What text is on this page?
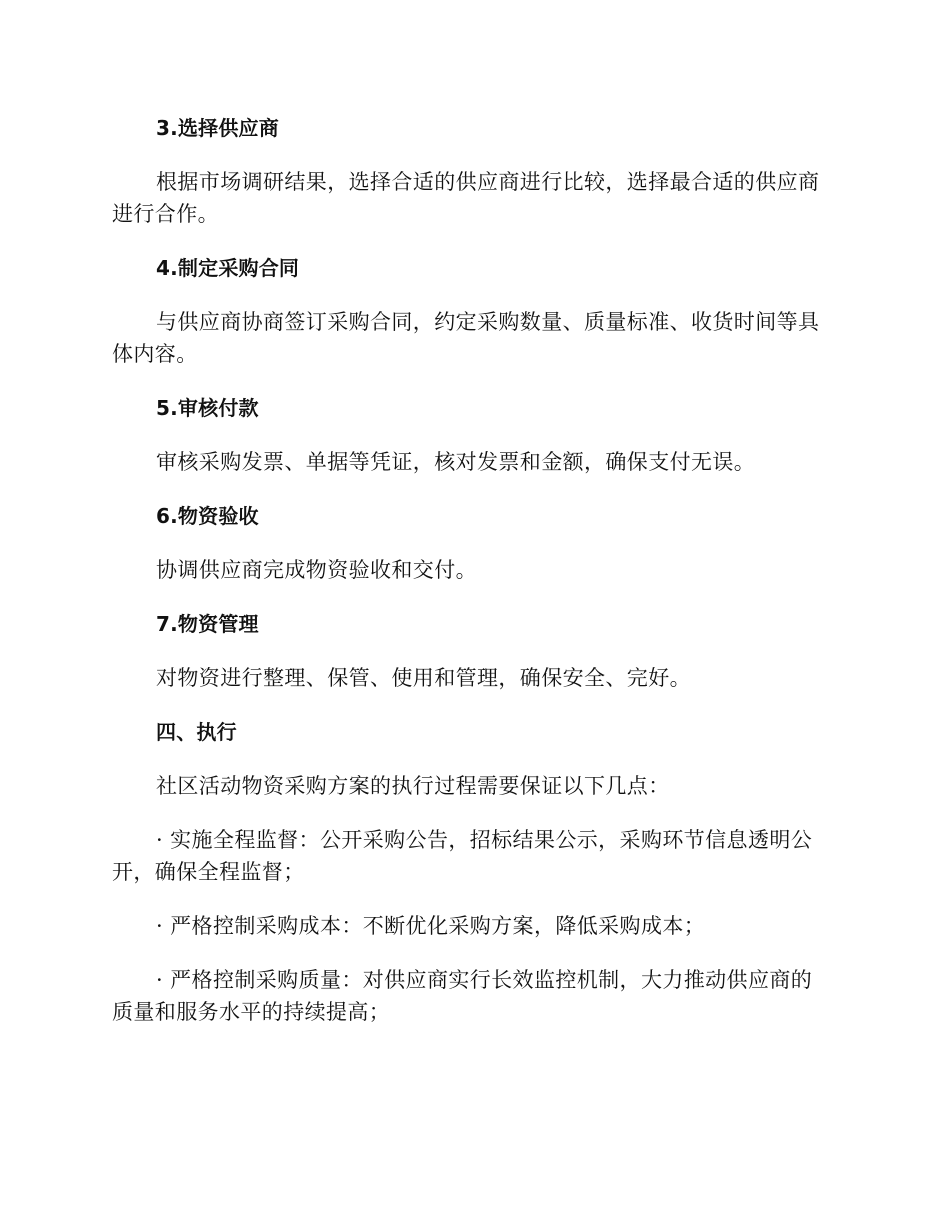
3.选择供应商

根据市场调研结果，选择合适的供应商进行比较，选择最合适的供应商进行合作。

4.制定采购合同

与供应商协商签订采购合同，约定采购数量、质量标准、收货时间等具体内容。

5.审核付款

审核采购发票、单据等凭证，核对发票和金额，确保支付无误。

6.物资验收

协调供应商完成物资验收和交付。

7.物资管理

对物资进行整理、保管、使用和管理，确保安全、完好。

四、执行

社区活动物资采购方案的执行过程需要保证以下几点：

· 实施全程监督：公开采购公告，招标结果公示，采购环节信息透明公开，确保全程监督；

· 严格控制采购成本：不断优化采购方案，降低采购成本；

· 严格控制采购质量：对供应商实行长效监控机制，大力推动供应商的质量和服务水平的持续提高；
